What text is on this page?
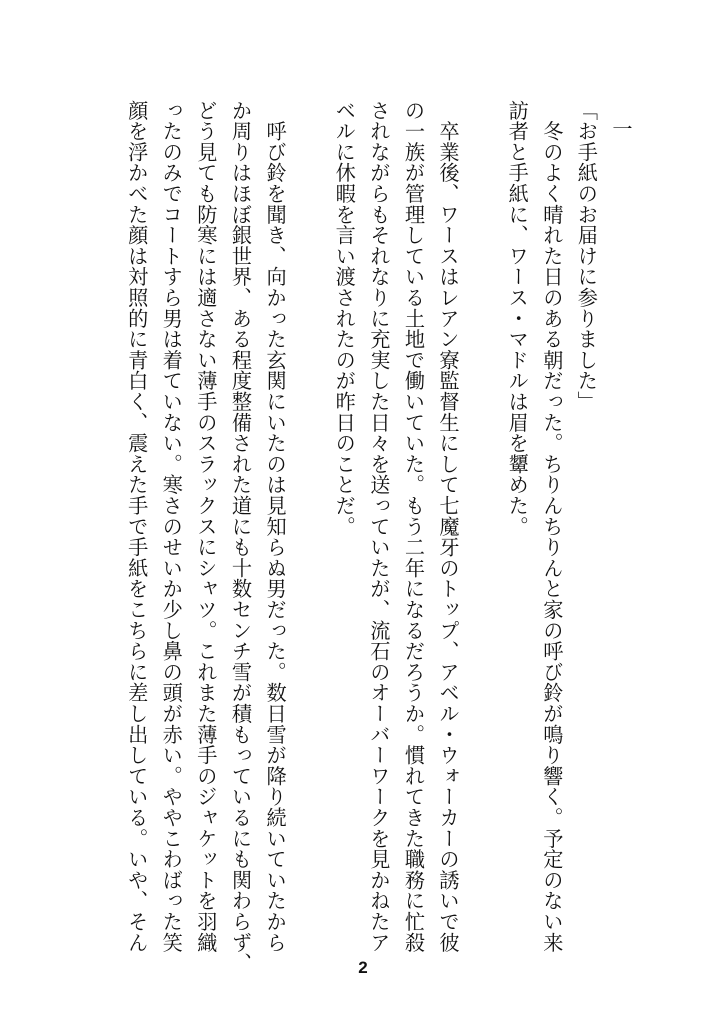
一
「お手紙のお届けに参りました」
　冬のよく晴れた日のある朝だった。ちりんちりんと家の呼び鈴が鳴り響く。予定のない来
訪者と手紙に、ワース・マドルは眉を顰めた。
　卒業後、ワースはレアン寮監督生にして七魔牙のトップ、アベル・ウォーカーの誘いで彼
の一族が管理している土地で働いていた。もう二年になるだろうか。慣れてきた職務に忙殺
されながらもそれなりに充実した日々を送っていたが、流石のオーバーワークを見かねたア
ベルに休暇を言い渡されたのが昨日のことだ。
　呼び鈴を聞き、向かった玄関にいたのは見知らぬ男だった。数日雪が降り続いていたから
か周りはほぼ銀世界、ある程度整備された道にも十数センチ雪が積もっているにも関わらず、
どう見ても防寒には適さない薄手のスラックスにシャツ。これまた薄手のジャケットを羽織
ったのみでコートすら男は着ていない。寒さのせいか少し鼻の頭が赤い。ややこわばった笑
顔を浮かべた顔は対照的に青白く、震えた手で手紙をこちらに差し出している。いや、そん
2
